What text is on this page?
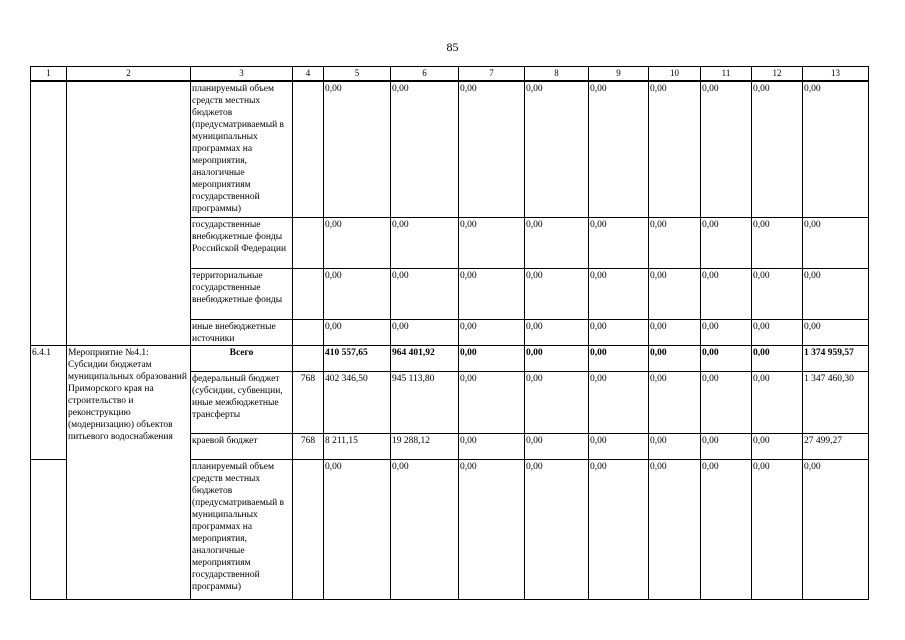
85
1	2	3	4	5	6	7	8	9	10	11	12	13
		планируемый объем средств местных бюджетов (предусматриваемый в муниципальных программах на мероприятия, аналогичные мероприятиям государственной программы)		0,00	0,00	0,00	0,00	0,00	0,00	0,00	0,00	0,00
		государственные внебюджетные фонды Российской Федерации		0,00	0,00	0,00	0,00	0,00	0,00	0,00	0,00	0,00
		территориальные государственные внебюджетные фонды		0,00	0,00	0,00	0,00	0,00	0,00	0,00	0,00	0,00
		иные внебюджетные источники		0,00	0,00	0,00	0,00	0,00	0,00	0,00	0,00	0,00
6.4.1	Мероприятие №4.1: Субсидии бюджетам муниципальных образований Приморского края на строительство и реконструкцию (модернизацию) объектов питьевого водоснабжения	Всего		410 557,65	964 401,92	0,00	0,00	0,00	0,00	0,00	0,00	1 374 959,57
		федеральный бюджет (субсидии, субвенции, иные межбюджетные трансферты	768	402 346,50	945 113,80	0,00	0,00	0,00	0,00	0,00	0,00	1 347 460,30
		краевой бюджет	768	8 211,15	19 288,12	0,00	0,00	0,00	0,00	0,00	0,00	27 499,27
		планируемый объем средств местных бюджетов (предусматриваемый в муниципальных программах на мероприятия, аналогичные мероприятиям государственной программы)		0,00	0,00	0,00	0,00	0,00	0,00	0,00	0,00	0,00
